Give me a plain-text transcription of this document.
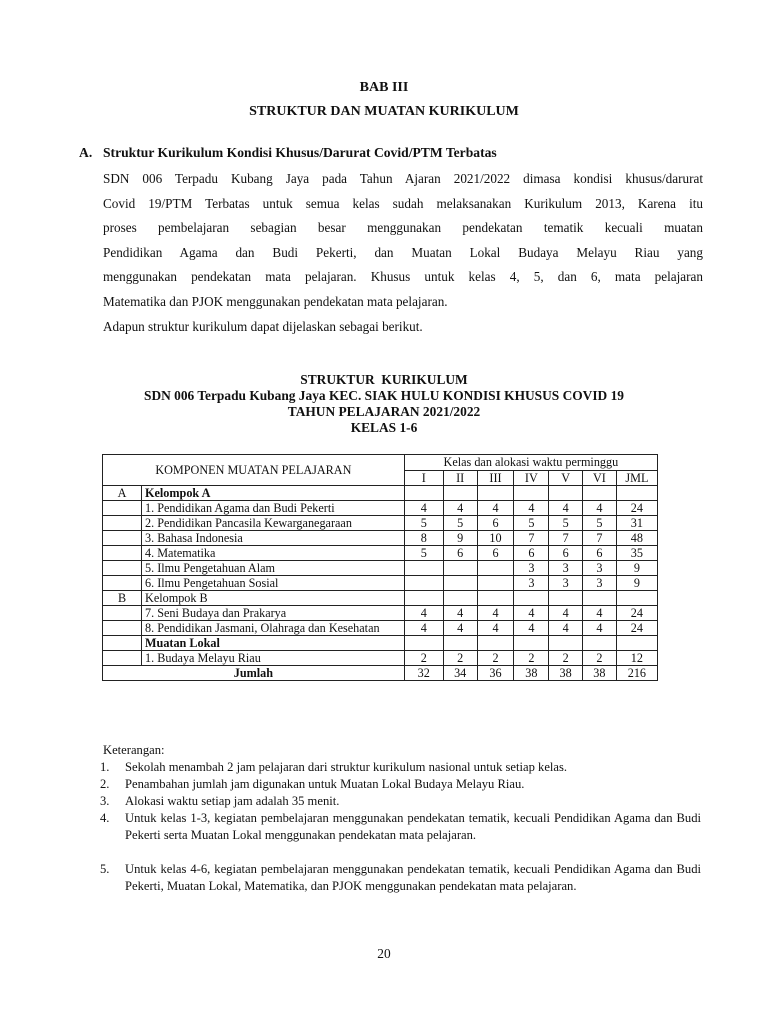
BAB III
STRUKTUR DAN MUATAN KURIKULUM
A. Struktur Kurikulum Kondisi Khusus/Darurat Covid/PTM Terbatas
SDN 006 Terpadu Kubang Jaya pada Tahun Ajaran 2021/2022 dimasa kondisi khusus/darurat
Covid 19/PTM Terbatas untuk semua kelas sudah melaksanakan Kurikulum 2013, Karena itu
proses pembelajaran sebagian besar menggunakan pendekatan tematik kecuali muatan
Pendidikan Agama dan Budi Pekerti, dan Muatan Lokal Budaya Melayu Riau yang
menggunakan pendekatan mata pelajaran. Khusus untuk kelas 4, 5, dan 6, mata pelajaran
Matematika dan PJOK menggunakan pendekatan mata pelajaran.
Adapun struktur kurikulum dapat dijelaskan sebagai berikut.
STRUKTUR  KURIKULUM
SDN 006 Terpadu Kubang Jaya KEC. SIAK HULU KONDISI KHUSUS COVID 19
TAHUN PELAJARAN 2021/2022
KELAS 1-6
KOMPONEN MUATAN PELAJARAN		Kelas dan alokasi waktu perminggu						
		I	II	III	IV	V	VI	JML
A	Kelompok A							
	1. Pendidikan Agama dan Budi Pekerti	4	4	4	4	4	4	24
	2. Pendidikan Pancasila Kewarganegaraan	5	5	6	5	5	5	31
	3. Bahasa Indonesia	8	9	10	7	7	7	48
	4. Matematika	5	6	6	6	6	6	35
	5. Ilmu Pengetahuan Alam				3	3	3	9
	6. Ilmu Pengetahuan Sosial				3	3	3	9
B	Kelompok B							
	7. Seni Budaya dan Prakarya	4	4	4	4	4	4	24
	8. Pendidikan Jasmani, Olahraga dan Kesehatan	4	4	4	4	4	4	24
	Muatan Lokal							
	1. Budaya Melayu Riau	2	2	2	2	2	2	12
Jumlah		32	34	36	38	38	38	216
Keterangan:
1. Sekolah menambah 2 jam pelajaran dari struktur kurikulum nasional untuk setiap kelas.
2. Penambahan jumlah jam digunakan untuk Muatan Lokal Budaya Melayu Riau.
3. Alokasi waktu setiap jam adalah 35 menit.
4. Untuk kelas 1-3, kegiatan pembelajaran menggunakan pendekatan tematik, kecuali Pendidikan Agama dan Budi Pekerti serta Muatan Lokal menggunakan pendekatan mata pelajaran.
5. Untuk kelas 4-6, kegiatan pembelajaran menggunakan pendekatan tematik, kecuali Pendidikan Agama dan Budi Pekerti, Muatan Lokal, Matematika, dan PJOK menggunakan pendekatan mata pelajaran.
20
